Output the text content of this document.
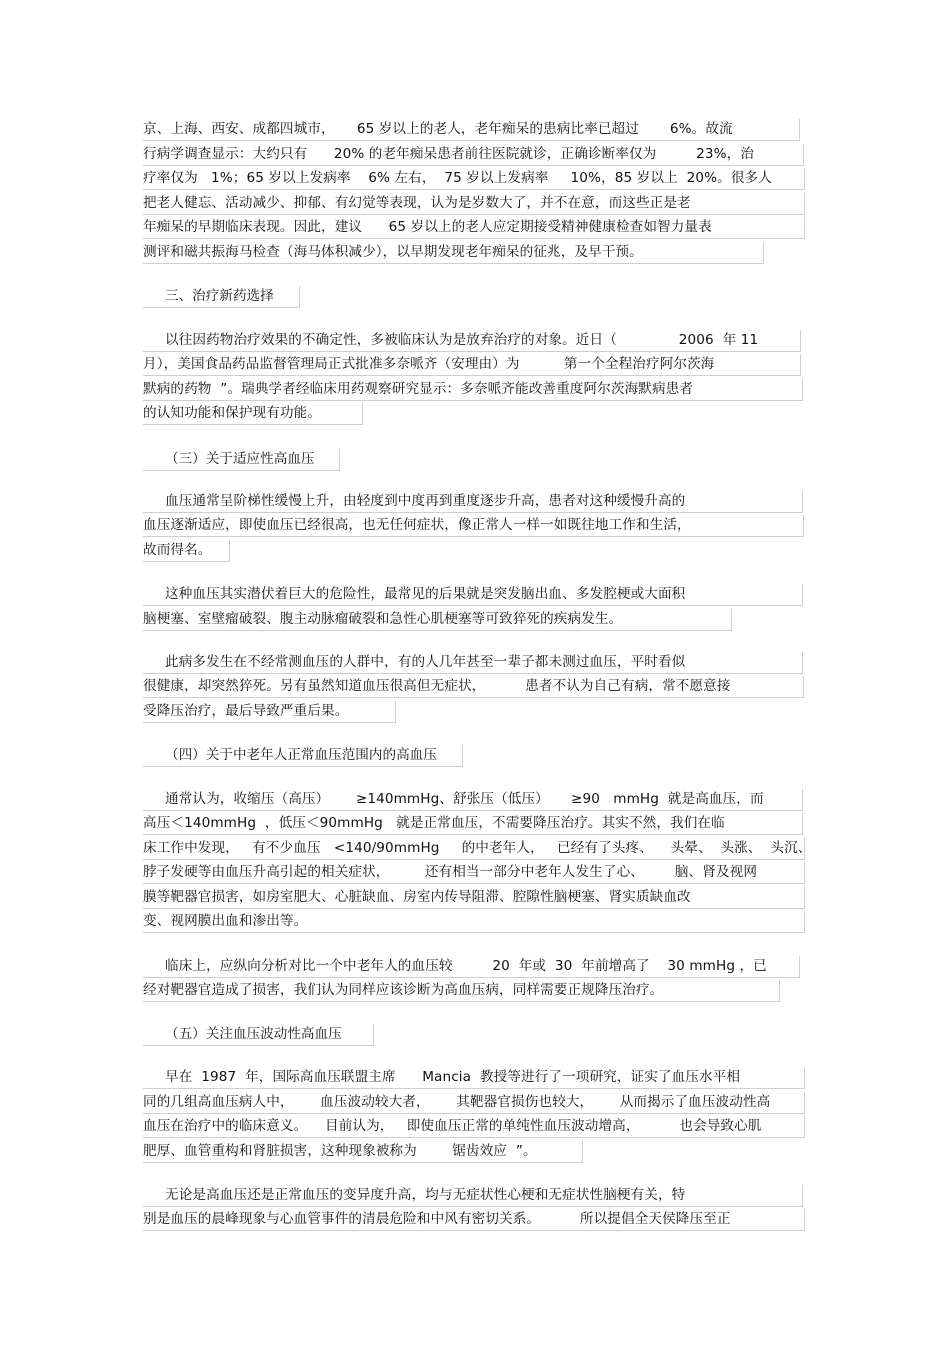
京、上海、西安、成都四城市，     65 岁以上的老人，老年痴呆的患病比率已超过       6%。故流
行病学调查显示：大约只有      20% 的老年痴呆患者前往医院就诊，正确诊断率仅为         23%，治
疗率仅为   1%；65 岁以上发病率    6% 左右，  75 岁以上发病率     10%，85 岁以上  20%。很多人
把老人健忘、活动减少、抑郁、有幻觉等表现，认为是岁数大了，并不在意，而这些正是老
年痴呆的早期临床表现。因此，建议      65 岁以上的老人应定期接受精神健康检查如智力量表
测评和磁共振海马检查（海马体积减少），以早期发现老年痴呆的征兆，及早干预。
三、治疗新药选择
以往因药物治疗效果的不确定性，多被临床认为是放弃治疗的对象。近日（              2006  年 11
月），美国食品药品监督管理局正式批准多奈哌齐（安理由）为          第一个全程治疗阿尔茨海
默病的药物  ”。瑞典学者经临床用药观察研究显示：多奈哌齐能改善重度阿尔茨海默病患者
的认知功能和保护现有功能。
（三）关于适应性高血压
血压通常呈阶梯性缓慢上升，由轻度到中度再到重度逐步升高，患者对这种缓慢升高的
血压逐渐适应，即使血压已经很高，也无任何症状，像正常人一样一如既往地工作和生活，
故而得名。
这种血压其实潜伏着巨大的危险性，最常见的后果就是突发脑出血、多发腔梗或大面积
脑梗塞、室壁瘤破裂、腹主动脉瘤破裂和急性心肌梗塞等可致猝死的疾病发生。
此病多发生在不经常测血压的人群中，有的人几年甚至一辈子都未测过血压，平时看似
很健康，却突然猝死。另有虽然知道血压很高但无症状，         患者不认为自己有病，常不愿意接
受降压治疗，最后导致严重后果。
（四）关于中老年人正常血压范围内的高血压
通常认为，收缩压（高压）      ≥140mmHg、舒张压（低压）     ≥90   mmHg  就是高血压，而
高压＜140mmHg  ，低压＜90mmHg   就是正常血压，不需要降压治疗。其实不然，我们在临
床工作中发现，   有不少血压   <140/90mmHg     的中老年人，   已经有了头疼、    头晕、  头涨、  头沉、
脖子发硬等由血压升高引起的相关症状，        还有相当一部分中老年人发生了心、       脑、肾及视网
膜等靶器官损害，如房室肥大、心脏缺血、房室内传导阻滞、腔隙性脑梗塞、肾实质缺血改
变、视网膜出血和渗出等。
临床上，应纵向分析对比一个中老年人的血压较         20  年或  30  年前增高了    30 mmHg ，已
经对靶器官造成了损害，我们认为同样应该诊断为高血压病，同样需要正规降压治疗。
（五）关注血压波动性高血压
早在  1987  年，国际高血压联盟主席      Mancia  教授等进行了一项研究，证实了血压水平相
同的几组高血压病人中，      血压波动较大者，      其靶器官损伤也较大，      从而揭示了血压波动性高
血压在治疗中的临床意义。    目前认为，   即使血压正常的单纯性血压波动增高，         也会导致心肌
肥厚、血管重构和肾脏损害，这种现象被称为        锯齿效应  ”。
无论是高血压还是正常血压的变异度升高，均与无症状性心梗和无症状性脑梗有关，特
别是血压的晨峰现象与心血管事件的清晨危险和中风有密切关系。         所以提倡全天侯降压至正
